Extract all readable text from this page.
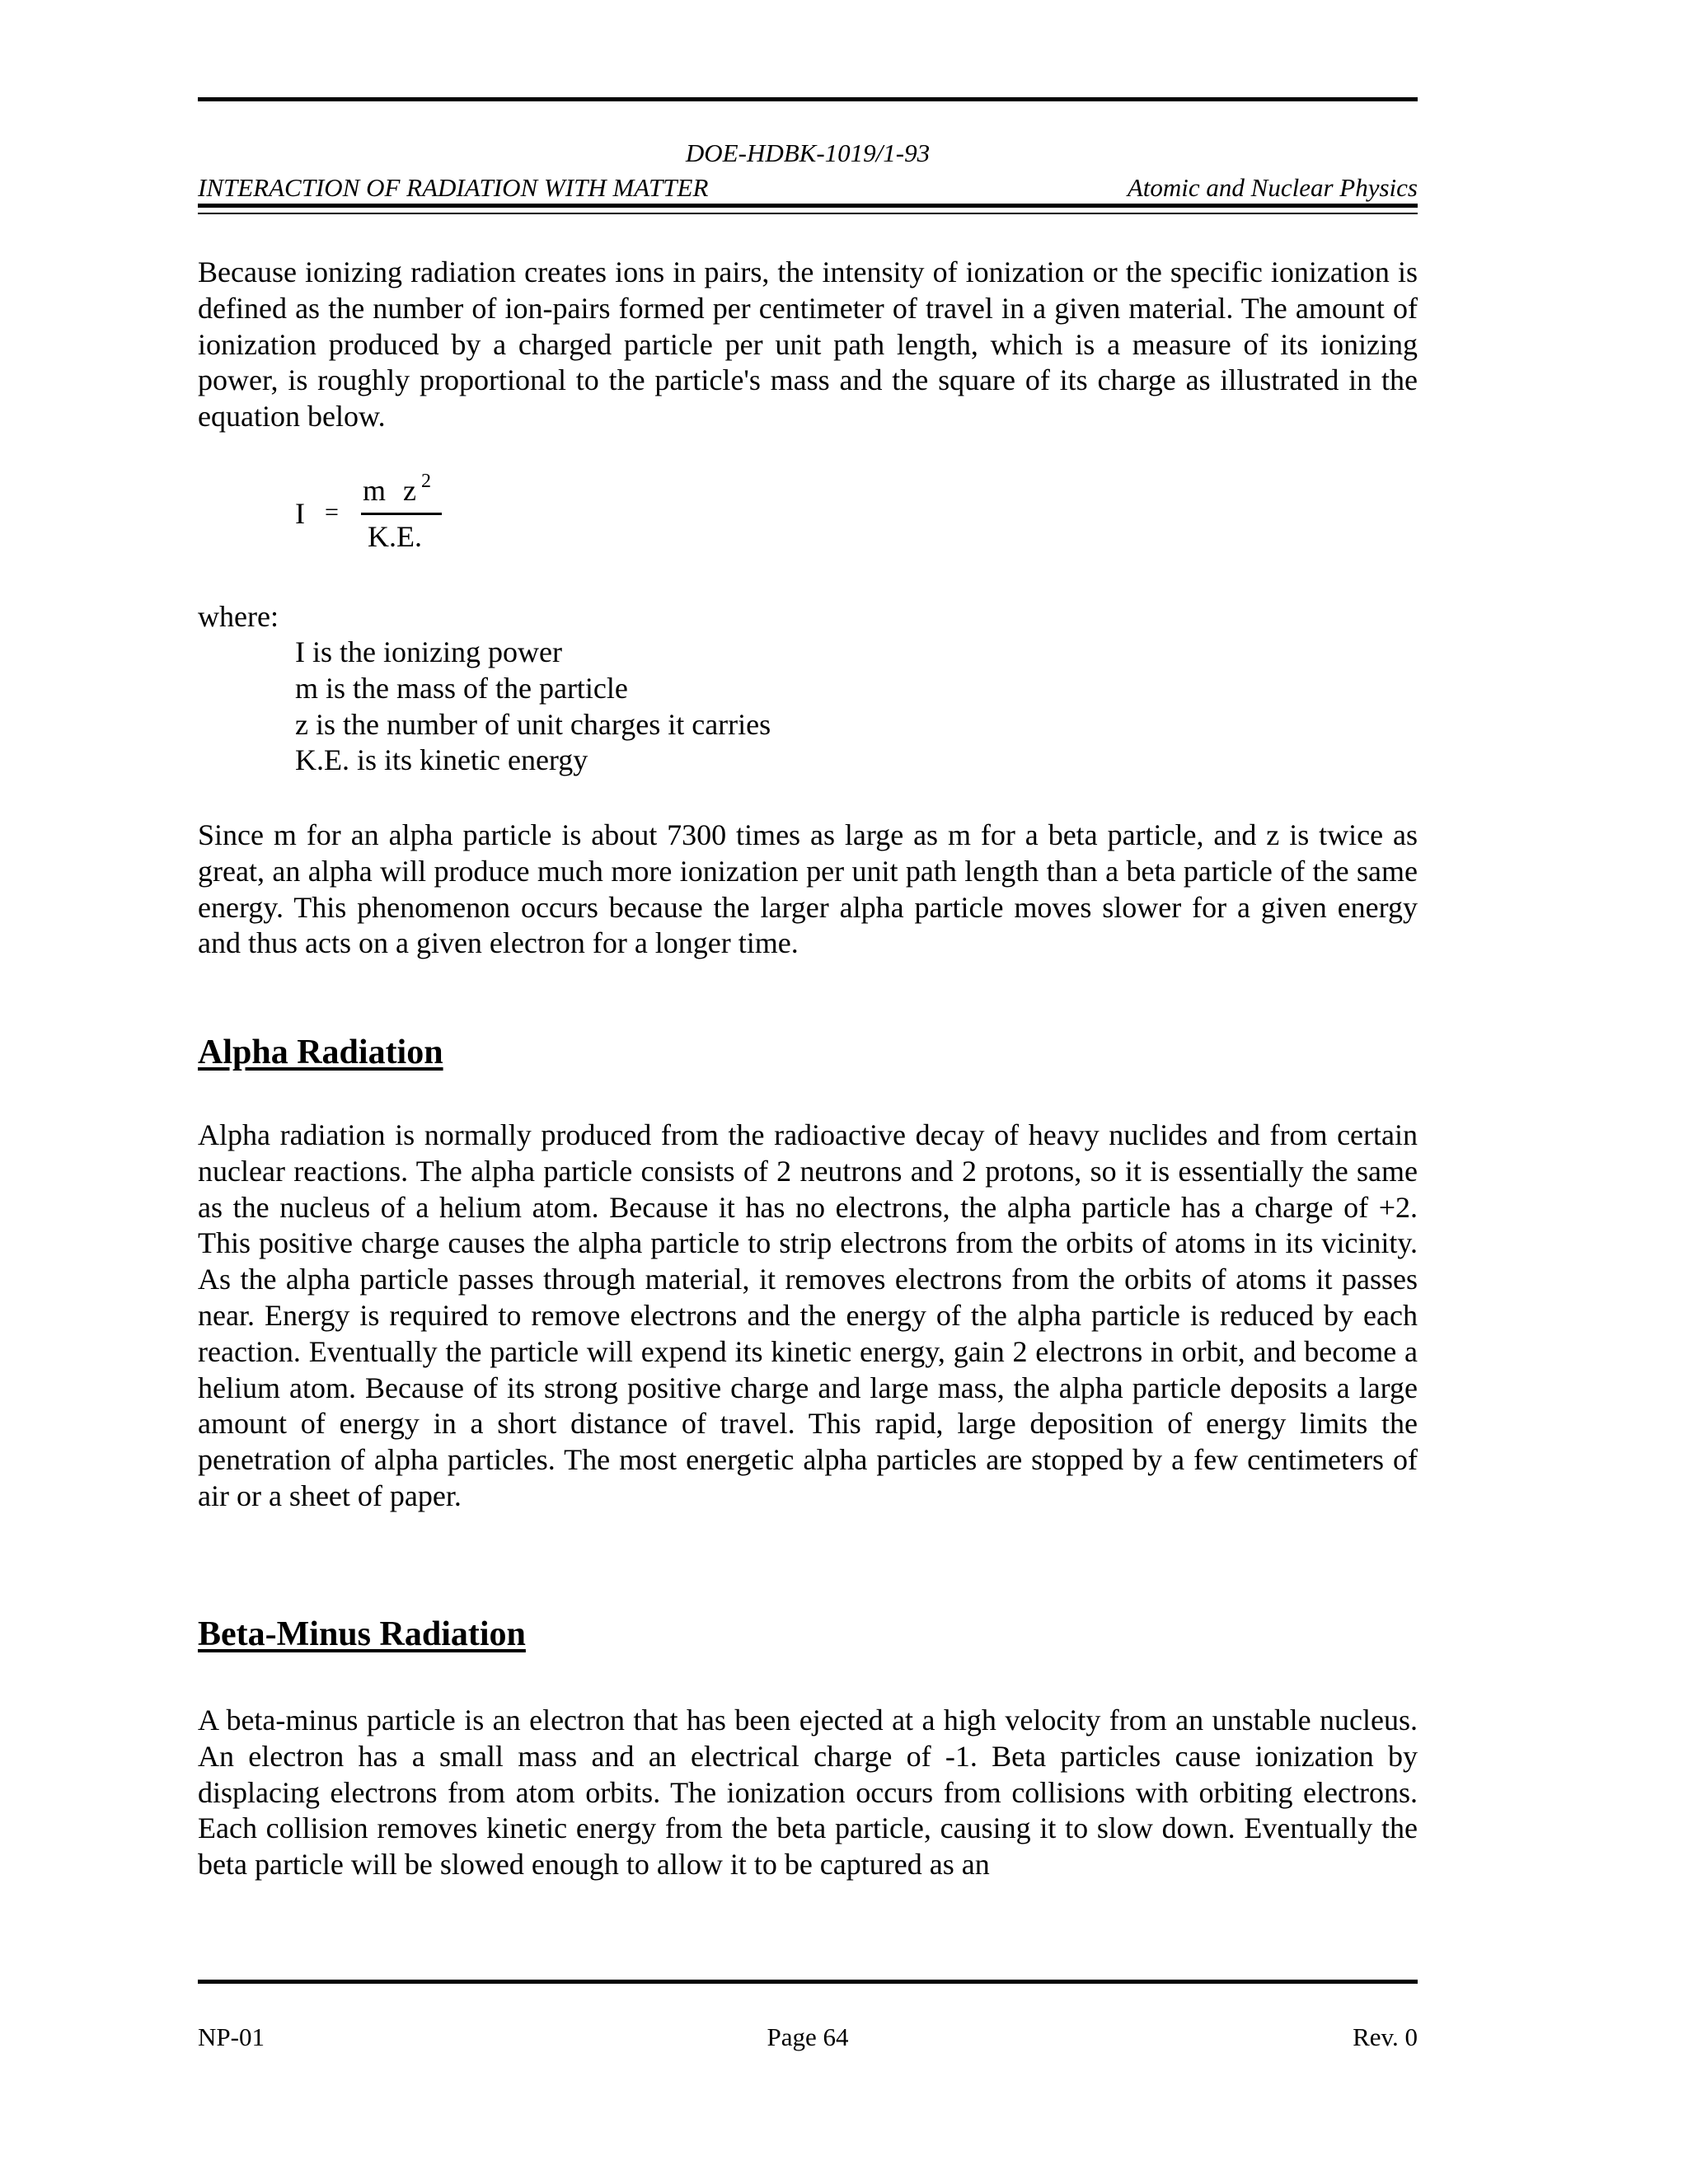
DOE-HDBK-1019/1-93
INTERACTION OF RADIATION WITH MATTER	Atomic and Nuclear Physics

Because ionizing radiation creates ions in pairs, the intensity of ionization or the specific ionization is defined as the number of ion-pairs formed per centimeter of travel in a given material. The amount of ionization produced by a charged particle per unit path length, which is a measure of its ionizing power, is roughly proportional to the particle's mass and the square of its charge as illustrated in the equation below.

I =
m $z^2$
K.E.
where:
I is the ionizing power
m is the mass of the particle
z is the number of unit charges it carries
K.E. is its kinetic energy

Since m for an alpha particle is about 7300 times as large as m for a beta particle, and z is twice as great, an alpha will produce much more ionization per unit path length than a beta particle of the same energy. This phenomenon occurs because the larger alpha particle moves slower for a given energy and thus acts on a given electron for a longer time.

Alpha Radiation

Alpha radiation is normally produced from the radioactive decay of heavy nuclides and from certain nuclear reactions. The alpha particle consists of 2 neutrons and 2 protons, so it is essentially the same as the nucleus of a helium atom. Because it has no electrons, the alpha particle has a charge of +2. This positive charge causes the alpha particle to strip electrons from the orbits of atoms in its vicinity. As the alpha particle passes through material, it removes electrons from the orbits of atoms it passes near. Energy is required to remove electrons and the energy of the alpha particle is reduced by each reaction. Eventually the particle will expend its kinetic energy, gain 2 electrons in orbit, and become a helium atom. Because of its strong positive charge and large mass, the alpha particle deposits a large amount of energy in a short distance of travel. This rapid, large deposition of energy limits the penetration of alpha particles. The most energetic alpha particles are stopped by a few centimeters of air or a sheet of paper.

Beta-Minus Radiation

A beta-minus particle is an electron that has been ejected at a high velocity from an unstable nucleus. An electron has a small mass and an electrical charge of -1. Beta particles cause ionization by displacing electrons from atom orbits. The ionization occurs from collisions with orbiting electrons. Each collision removes kinetic energy from the beta particle, causing it to slow down. Eventually the beta particle will be slowed enough to allow it to be captured as an

NP-01	Page 64	Rev. 0
